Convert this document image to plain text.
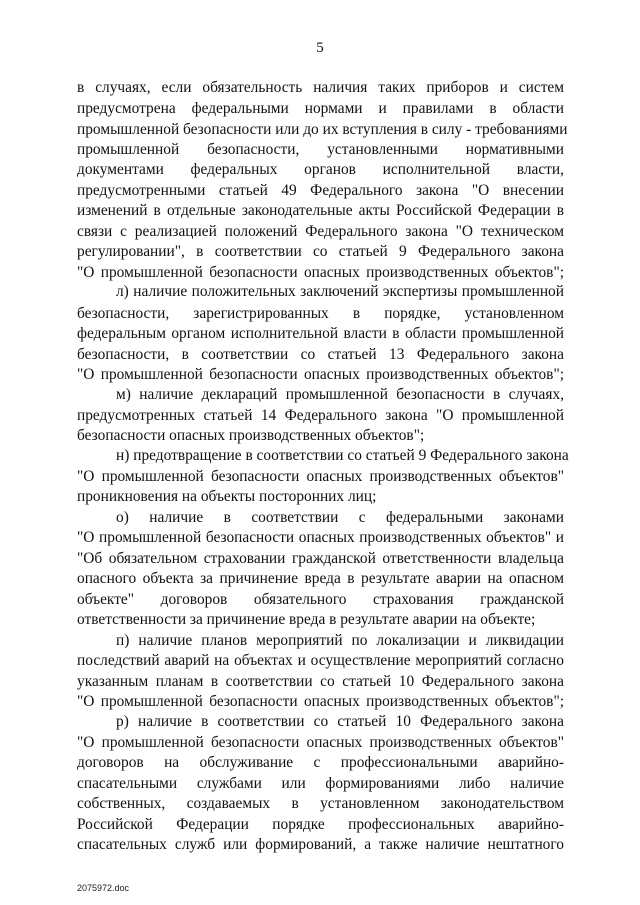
5
в случаях, если обязательность наличия таких приборов и систем
предусмотрена федеральными нормами и правилами в области
промышленной безопасности или до их вступления в силу - требованиями
промышленной безопасности, установленными нормативными
документами федеральных органов исполнительной власти,
предусмотренными статьей 49 Федерального закона "О внесении
изменений в отдельные законодательные акты Российской Федерации в
связи с реализацией положений Федерального закона "О техническом
регулировании", в соответствии со статьей 9 Федерального закона
"О промышленной безопасности опасных производственных объектов";
л) наличие положительных заключений экспертизы промышленной
безопасности, зарегистрированных в порядке, установленном
федеральным органом исполнительной власти в области промышленной
безопасности, в соответствии со статьей 13 Федерального закона
"О промышленной безопасности опасных производственных объектов";
м) наличие деклараций промышленной безопасности в случаях,
предусмотренных статьей 14 Федерального закона "О промышленной
безопасности опасных производственных объектов";
н) предотвращение в соответствии со статьей 9 Федерального закона
"О промышленной безопасности опасных производственных объектов"
проникновения на объекты посторонних лиц;
о) наличие в соответствии с федеральными законами
"О промышленной безопасности опасных производственных объектов" и
"Об обязательном страховании гражданской ответственности владельца
опасного объекта за причинение вреда в результате аварии на опасном
объекте" договоров обязательного страхования гражданской
ответственности за причинение вреда в результате аварии на объекте;
п) наличие планов мероприятий по локализации и ликвидации
последствий аварий на объектах и осуществление мероприятий согласно
указанным планам в соответствии со статьей 10 Федерального закона
"О промышленной безопасности опасных производственных объектов";
р) наличие в соответствии со статьей 10 Федерального закона
"О промышленной безопасности опасных производственных объектов"
договоров на обслуживание с профессиональными аварийно-
спасательными службами или формированиями либо наличие
собственных, создаваемых в установленном законодательством
Российской Федерации порядке профессиональных аварийно-
спасательных служб или формирований, а также наличие нештатного
2075972.doc
